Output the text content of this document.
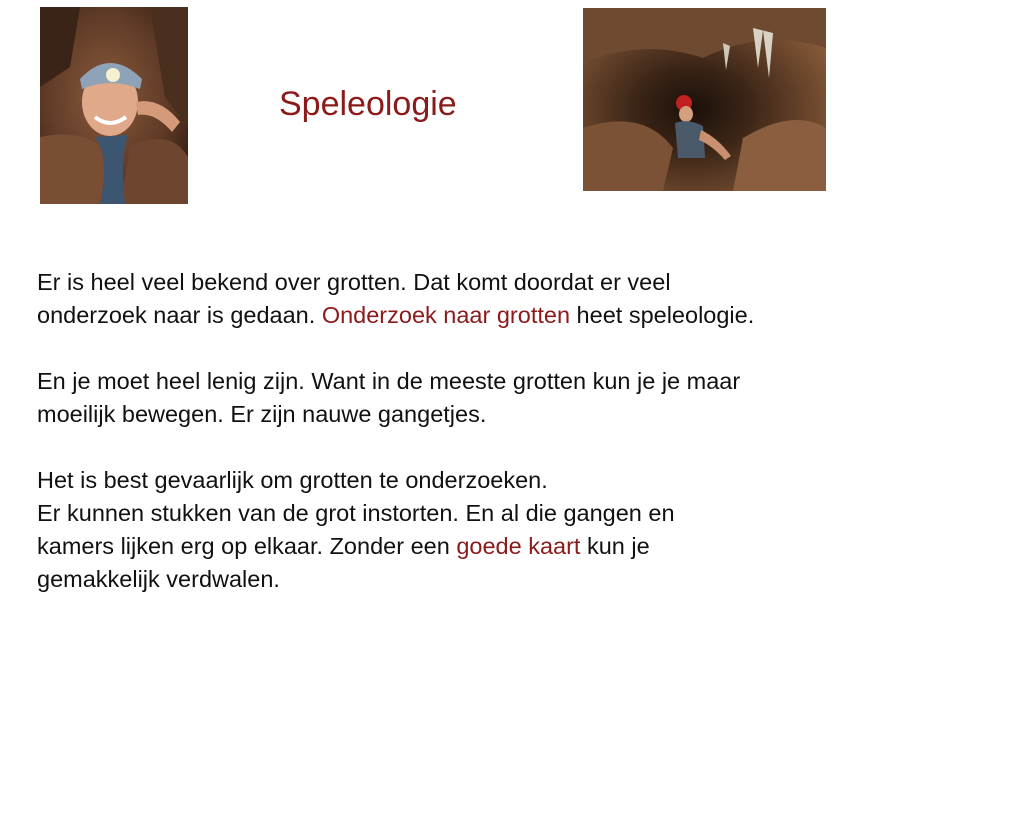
Speleologie
Er is heel veel bekend over grotten. Dat komt doordat er veel
onderzoek naar is gedaan. Onderzoek naar grotten heet speleologie.
En je moet heel lenig zijn. Want in de meeste grotten kun je je maar
moeilijk bewegen. Er zijn nauwe gangetjes.
Het is best gevaarlijk om grotten te onderzoeken.
Er kunnen stukken van de grot instorten. En al die gangen en
kamers lijken erg op elkaar. Zonder een goede kaart kun je
gemakkelijk verdwalen.
